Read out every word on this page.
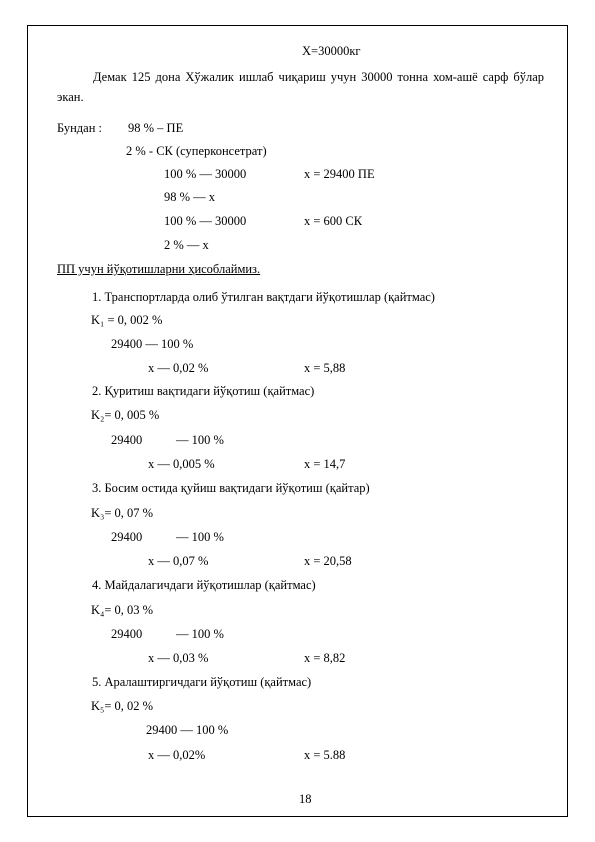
X=30000кг
Демак 125 дона Хўжалик ишлаб чиқариш учун 30000 тонна хом-ашё сарф бўлар экан.
Бундан : 98 % – ПЕ
2 % - СК (суперконсетрат)
100 % — 30000	x = 29400 ПЕ
98 % — x
100 % — 30000	x = 600 СК
2 % — x
ПП учун йўқотишларни ҳисоблаймиз.
1. Транспортларда олиб ўтилган вақтдаги йўқотишлар (қайтмас)
K₁ = 0, 002 %
29400 — 100 %
x — 0,02 %	x = 5,88
2. Қуритиш вақтидаги йўқотиш (қайтмас)
K₂= 0, 005 %
29400	— 100 %
x — 0,005 %	x = 14,7
3. Босим остида қуйиш вақтидаги йўқотиш (қайтар)
K₃= 0, 07 %
29400	— 100 %
x — 0,07 %	x = 20,58
4. Майдалагичдаги йўқотишлар (қайтмас)
K₄= 0, 03 %
29400	— 100 %
x — 0,03 %	x = 8,82
5. Аралаштиргичдаги йўқотиш (қайтмас)
K₅= 0, 02 %
29400 — 100 %
x — 0,02%	x = 5.88
18
